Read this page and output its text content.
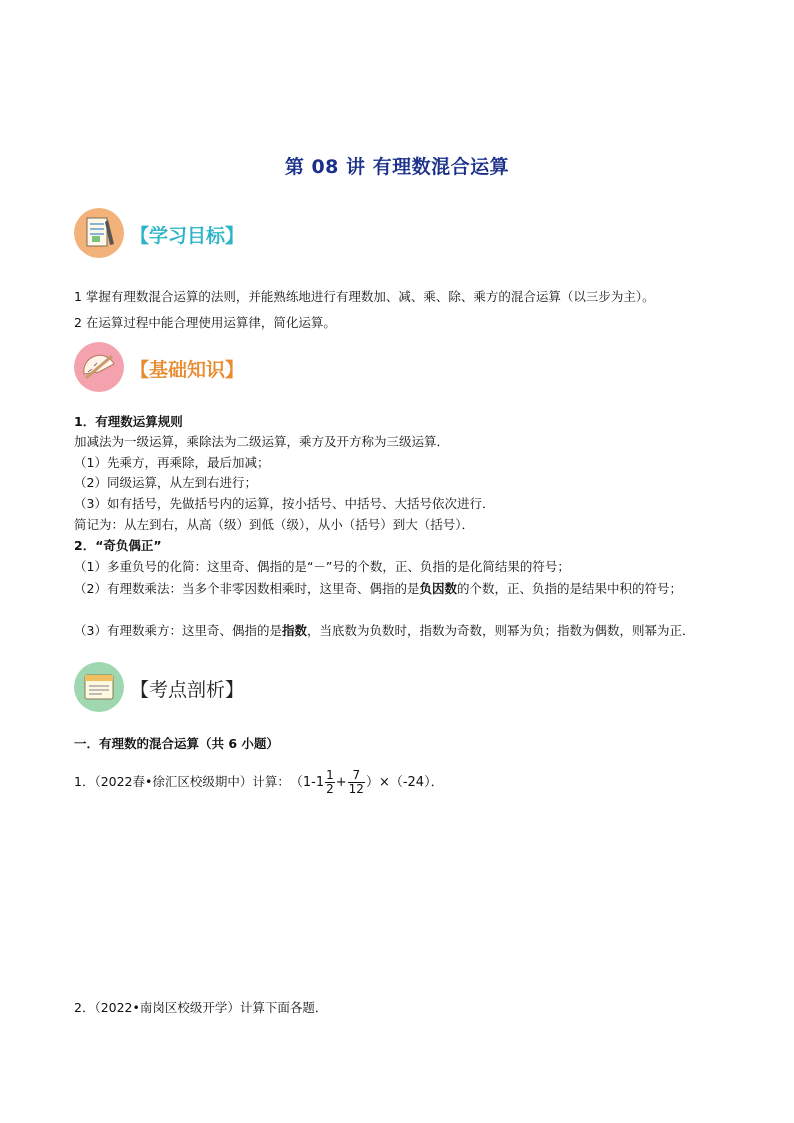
第 08 讲 有理数混合运算
【学习目标】
1 掌握有理数混合运算的法则，并能熟练地进行有理数加、减、乘、除、乘方的混合运算（以三步为主）。
2 在运算过程中能合理使用运算律，简化运算。
【基础知识】
1．有理数运算规则
加减法为一级运算，乘除法为二级运算，乘方及开方称为三级运算．
（1）先乘方，再乘除，最后加减；
（2）同级运算，从左到右进行；
（3）如有括号，先做括号内的运算，按小括号、中括号、大括号依次进行．
简记为：从左到右，从高（级）到低（级），从小（括号）到大（括号）．
2．“奇负偶正”
（1）多重负号的化简：这里奇、偶指的是“－”号的个数，正、负指的是化简结果的符号；
（2）有理数乘法：当多个非零因数相乘时，这里奇、偶指的是负因数的个数，正、负指的是结果中积的符号；
（3）有理数乘方：这里奇、偶指的是指数，当底数为负数时，指数为奇数，则幂为负；指数为偶数，则幂为正．
【考点剖析】
一．有理数的混合运算（共 6 小题）
1．（2022春•徐汇区校级期中）计算：$(1-1 \frac{1}{2} + \frac{7}{12} )\times(-24)$．
2．（2022•南岗区校级开学）计算下面各题．
